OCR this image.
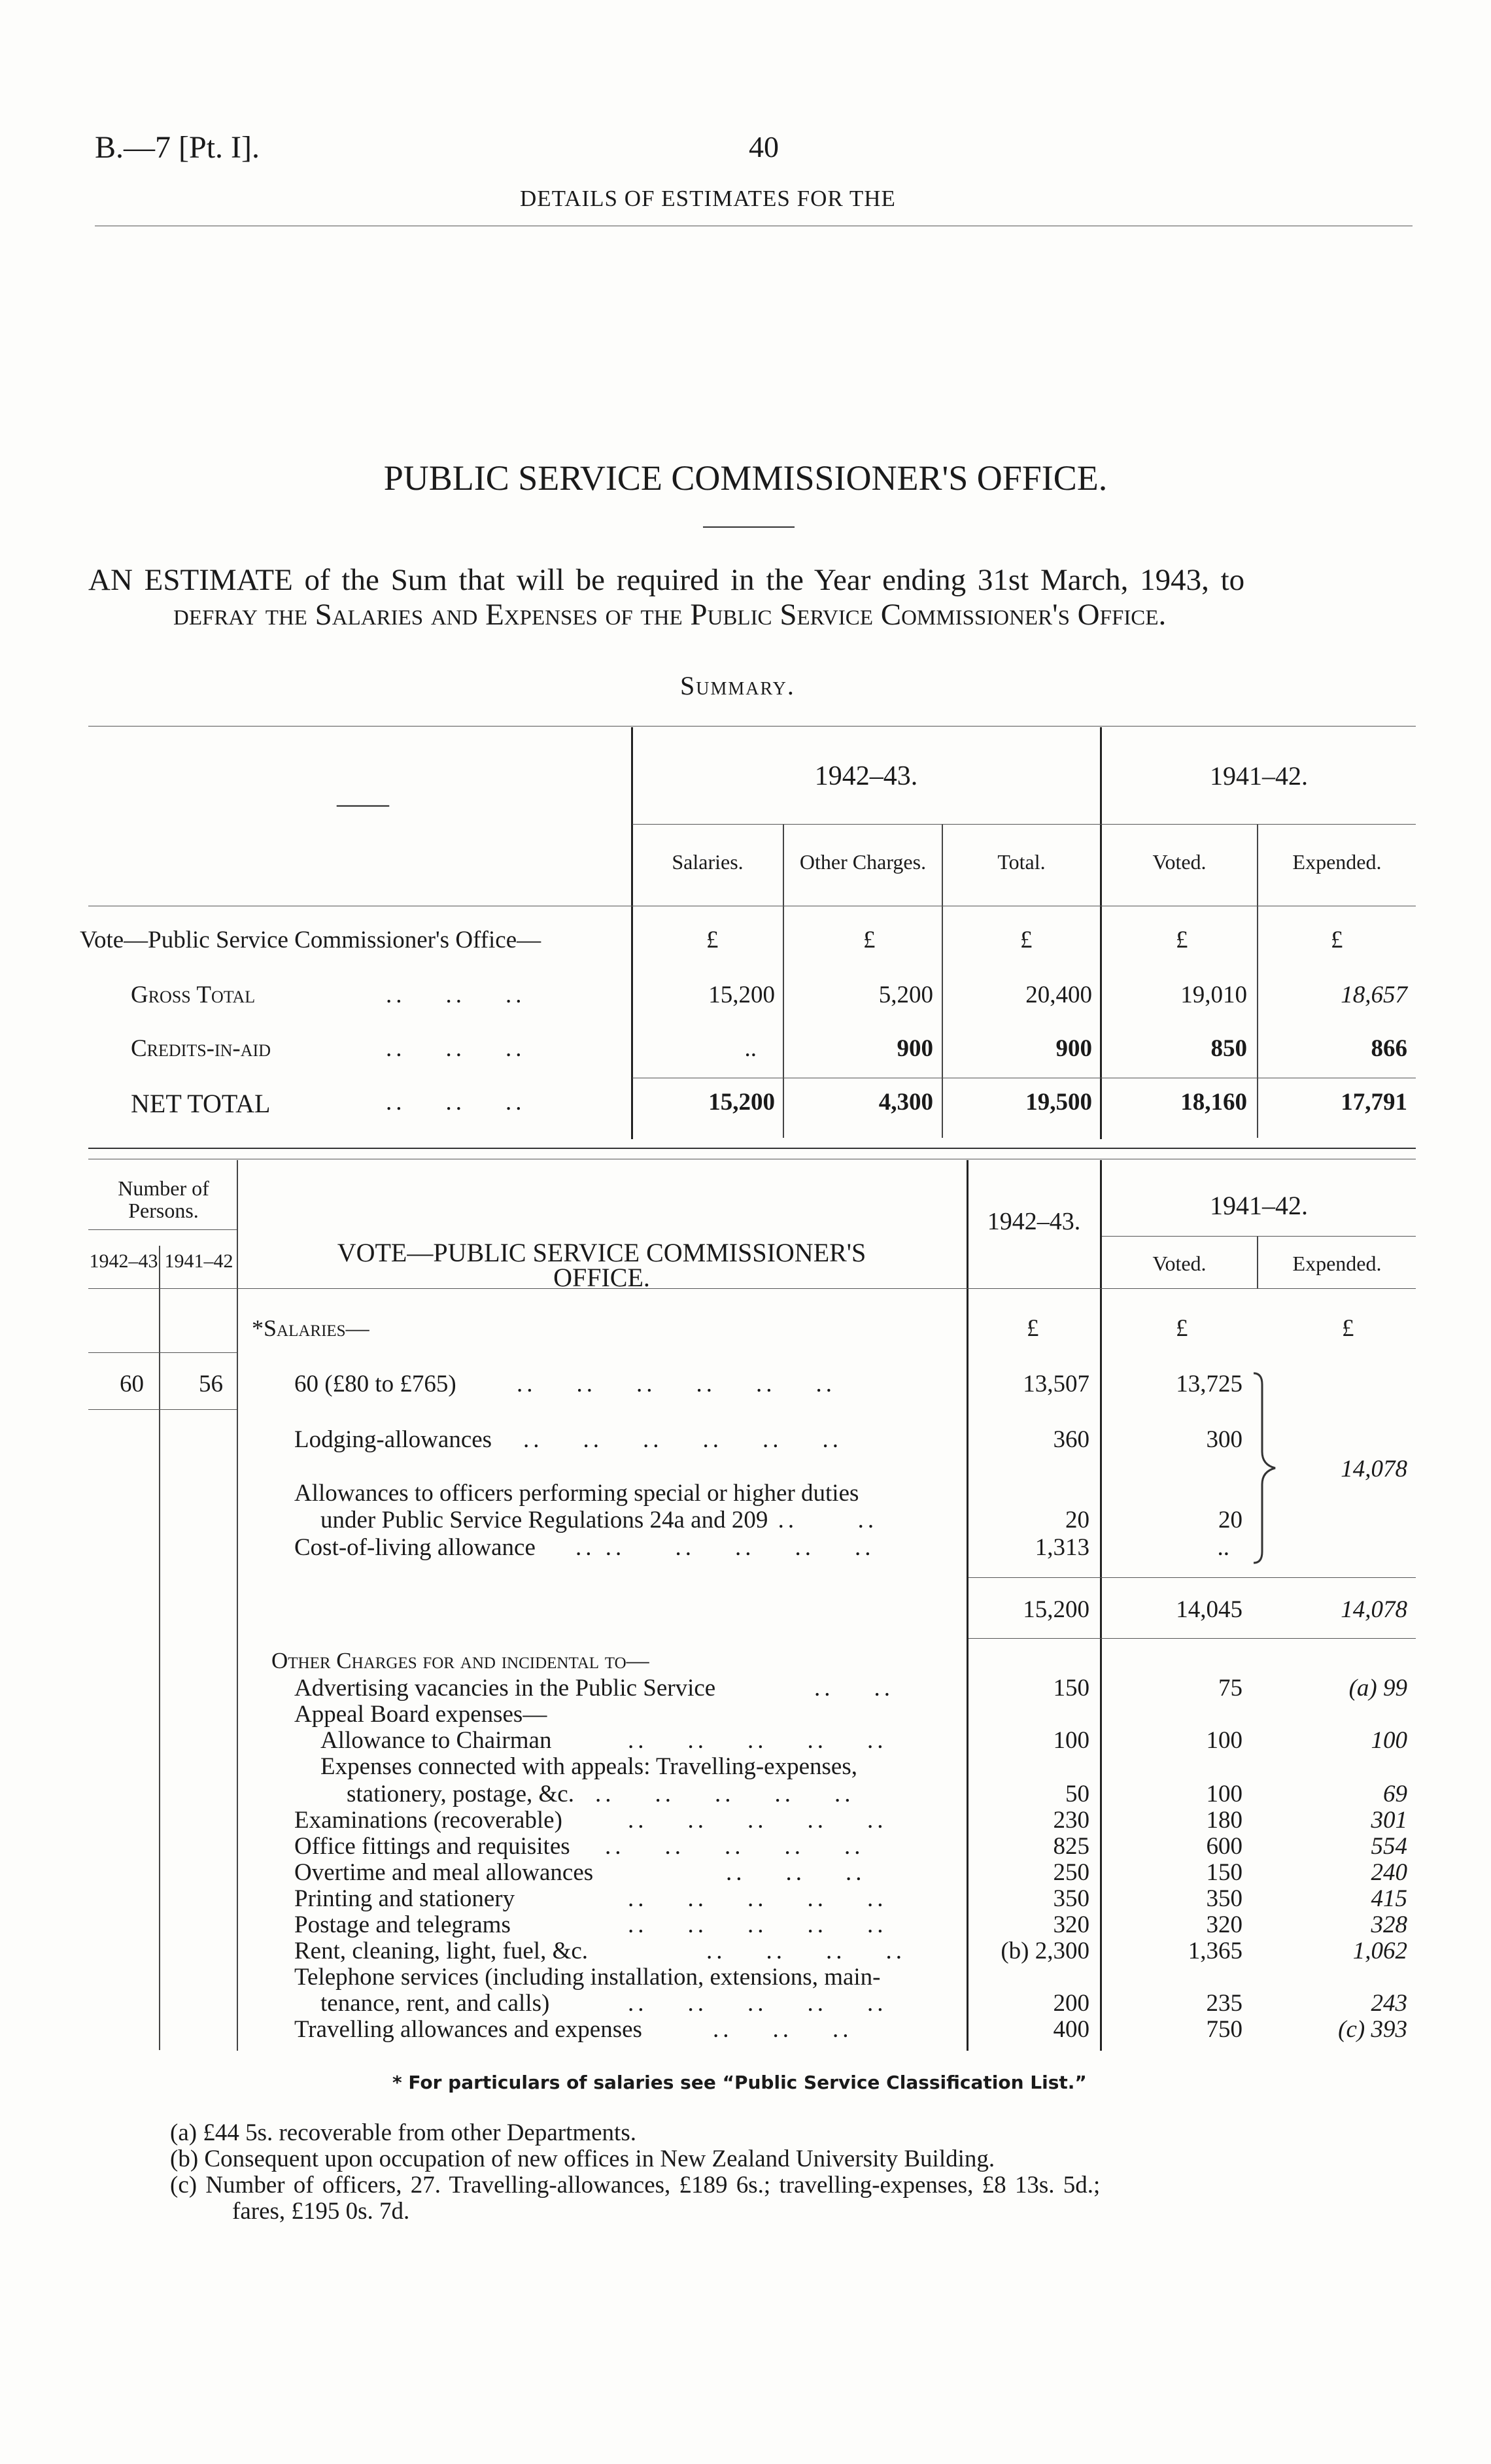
B.—7 [Pt. I].	40
DETAILS OF ESTIMATES FOR THE
PUBLIC SERVICE COMMISSIONER'S OFFICE.
AN ESTIMATE of the Sum that will be required in the Year ending 31st March, 1943, to
defray the Salaries and Expenses of the Public Service Commissioner's Office.
Summary.
——
1942–43.	1941–42.
Salaries.	Other Charges.	Total.	Voted.	Expended.
Vote—Public Service Commissioner's Office—	£	£	£	£	£
Gross Total	..    ..    ..	15,200	5,200	20,400	19,010	18,657
Credits-in-aid	..    ..    ..	..	900	900	850	866
NET TOTAL	..    ..    ..	15,200	4,300	19,500	18,160	17,791
Number of Persons.
1942–43 1941–42	VOTE—PUBLIC SERVICE COMMISSIONER'S
OFFICE.
1942–43.
1941–42.
Voted.	Expended.
*Salaries—	£	£	£
60	56	60 (£80 to £765) ..    ..    ..    ..    ..    ..	13,507	13,725
Lodging-allowances ..    ..    ..    ..    ..    ..	360	300
Allowances to officers performing special or higher duties
under Public Service Regulations 24a and 209 ..      ..	20	20
Cost-of-living allowance .. ..     ..    ..    ..    ..	1,313	..
14,078
15,200	14,045	14,078
Other Charges for and incidental to—
Advertising vacancies in the Public Service	..    ..	150	75	(a) 99
Appeal Board expenses—
Allowance to Chairman	..    ..    ..    ..    ..	100	100	100
Expenses connected with appeals: Travelling-expenses,
stationery, postage, &c. ..    ..    ..    ..    ..	50	100	69
Examinations (recoverable)	..    ..    ..    ..    ..	230	180	301
Office fittings and requisites ..    ..    ..    ..    ..	825	600	554
Overtime and meal allowances	..    ..    ..	250	150	240
Printing and stationery	..    ..    ..    ..    ..	350	350	415
Postage and telegrams	..    ..    ..    ..    ..	320	320	328
Rent, cleaning, light, fuel, &c.	..    ..    ..    ..	(b) 2,300	1,365	1,062
Telephone services (including installation, extensions, main-
tenance, rent, and calls)	..    ..    ..    ..    ..	200	235	243
Travelling allowances and expenses	..    ..    ..	400	750	(c) 393
* For particulars of salaries see “Public Service Classification List.”
(a) £44 5s. recoverable from other Departments.
(b) Consequent upon occupation of new offices in New Zealand University Building.
(c) Number of officers, 27. Travelling-allowances, £189 6s.; travelling-expenses, £8 13s. 5d.;
fares, £195 0s. 7d.
